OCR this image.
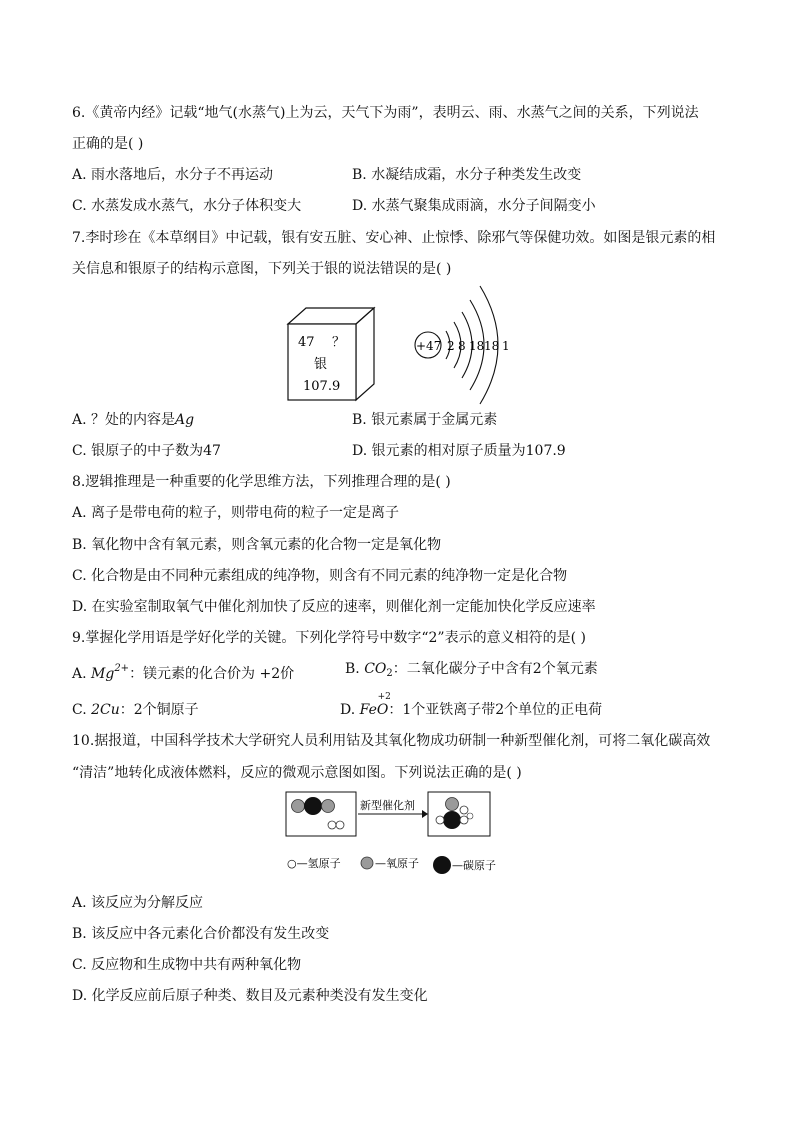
6.《黄帝内经》记载“地气(水蒸气)上为云，天气下为雨”，表明云、雨、水蒸气之间的关系，下列说法
正确的是( )
A. 雨水落地后，水分子不再运动	B. 水凝结成霜，水分子种类发生改变
C. 水蒸发成水蒸气，水分子体积变大	D. 水蒸气聚集成雨滴，水分子间隔变小
7.李时珍在《本草纲目》中记载，银有安五脏、安心神、止惊悸、除邪气等保健功效。如图是银元素的相
关信息和银原子的结构示意图，下列关于银的说法错误的是( )
47 ？
银
107.9
+47 2 8 18 18 1
A. ？处的内容是Ag	B. 银元素属于金属元素
C. 银原子的中子数为47	D. 银元素的相对原子质量为107.9
8.逻辑推理是一种重要的化学思维方法，下列推理合理的是( )
A. 离子是带电荷的粒子，则带电荷的粒子一定是离子
B. 氧化物中含有氧元素，则含氧元素的化合物一定是氧化物
C. 化合物是由不同种元素组成的纯净物，则含有不同元素的纯净物一定是化合物
D. 在实验室制取氧气中催化剂加快了反应的速率，则催化剂一定能加快化学反应速率
9.掌握化学用语是学好化学的关键。下列化学符号中数字“2”表示的意义相符的是( )
A. $Mg^{2+}$：镁元素的化合价为 +2价	B. $CO_2$：二氧化碳分子中含有2个氧元素
C. 2Cu：2个铜原子	D.
+2
FeO：1个亚铁离子带2个单位的正电荷
10.据报道，中国科学技术大学研究人员利用钴及其氧化物成功研制一种新型催化剂，可将二氧化碳高效
“清洁”地转化成液体燃料，反应的微观示意图如图。下列说法正确的是( )
新型催化剂
○—氢原子	—氧原子	—碳原子
A. 该反应为分解反应
B. 该反应中各元素化合价都没有发生改变
C. 反应物和生成物中共有两种氧化物
D. 化学反应前后原子种类、数目及元素种类没有发生变化
